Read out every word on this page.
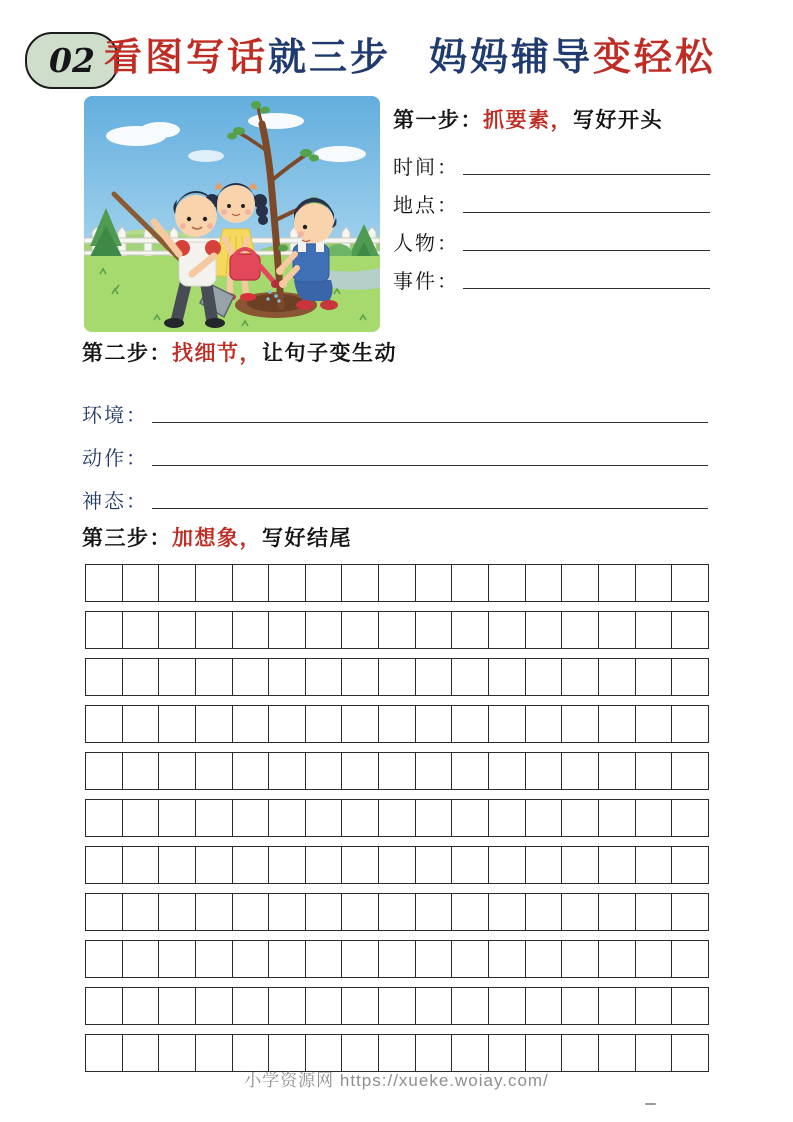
02 看图写话就三步 妈妈辅导变轻松
第一步：抓要素，写好开头
时间：
地点：
人物：
事件：
第二步：找细节，让句子变生动
环境：
动作：
神态：
第三步：加想象，写好结尾
小学资源网 https://xueke.woiay.com/
